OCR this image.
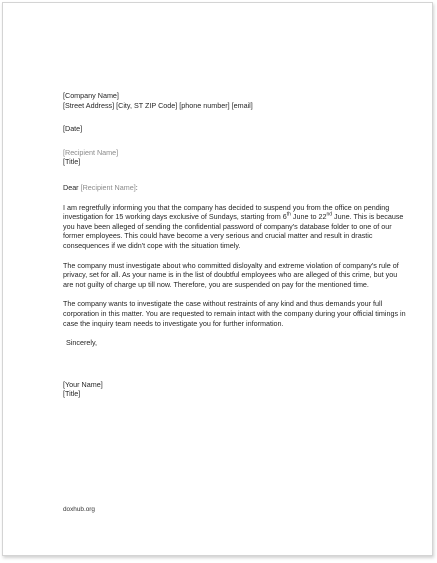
[Company Name]
[Street Address] [City, ST ZIP Code] [phone number] [email]
[Date]
[Recipient Name]
[Title]
Dear [Recipient Name]:
I am regretfully informing you that the company has decided to suspend you from the office on pending investigation for 15 working days exclusive of Sundays, starting from 6th June to 22nd June. This is because you have been alleged of sending the confidential password of company's database folder to one of our former employees. This could have become a very serious and crucial matter and result in drastic consequences if we didn't cope with the situation timely.
The company must investigate about who committed disloyalty and extreme violation of company's rule of privacy, set for all. As your name is in the list of doubtful employees who are alleged of this crime, but you are not guilty of charge up till now. Therefore, you are suspended on pay for the mentioned time.
The company wants to investigate the case without restraints of any kind and thus demands your full corporation in this matter. You are requested to remain intact with the company during your official timings in case the inquiry team needs to investigate you for further information.
Sincerely,
[Your Name]
[Title]
doxhub.org
